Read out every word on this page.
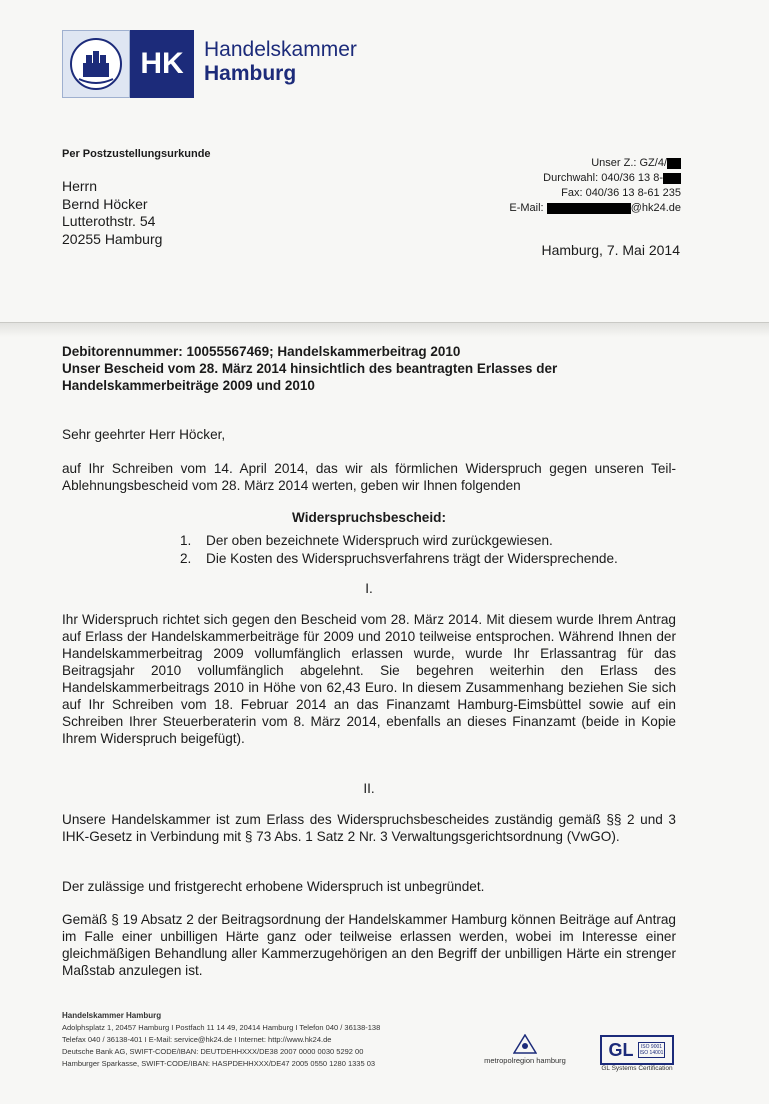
HK Handelskammer
Hamburg
Per Postzustellungsurkunde
Herrn
Bernd Höcker
Lutterothstr. 54
20255 Hamburg
Unser Z.: GZ/4/
Durchwahl: 040/36 13 8-
Fax: 040/36 13 8-61 235
E-Mail:	@hk24.de
Hamburg, 7. Mai 2014
Debitorennummer: 10055567469; Handelskammerbeitrag 2010
Unser Bescheid vom 28. März 2014 hinsichtlich des beantragten Erlasses der
Handelskammerbeiträge 2009 und 2010
Sehr geehrter Herr Höcker,
auf Ihr Schreiben vom 14. April 2014, das wir als förmlichen Widerspruch gegen unseren Teil-Ablehnungsbescheid vom 28. März 2014 werten, geben wir Ihnen folgenden
Widerspruchsbescheid:
1. Der oben bezeichnete Widerspruch wird zurückgewiesen.
2. Die Kosten des Widerspruchsverfahrens trägt der Widersprechende.
I.
Ihr Widerspruch richtet sich gegen den Bescheid vom 28. März 2014. Mit diesem wurde Ihrem Antrag auf Erlass der Handelskammerbeiträge für 2009 und 2010 teilweise entsprochen. Während Ihnen der Handelskammerbeitrag 2009 vollumfänglich erlassen wurde, wurde Ihr Erlassantrag für das Beitragsjahr 2010 vollumfänglich abgelehnt. Sie begehren weiterhin den Erlass des Handelskammerbeitrags 2010 in Höhe von 62,43 Euro. In diesem Zusammenhang beziehen Sie sich auf Ihr Schreiben vom 18. Februar 2014 an das Finanzamt Hamburg-Eimsbüttel sowie auf ein Schreiben Ihrer Steuerberaterin vom 8. März 2014, ebenfalls an dieses Finanzamt (beide in Kopie Ihrem Widerspruch beigefügt).
II.
Unsere Handelskammer ist zum Erlass des Widerspruchsbescheides zuständig gemäß §§ 2 und 3 IHK-Gesetz in Verbindung mit § 73 Abs. 1 Satz 2 Nr. 3 Verwaltungsgerichtsordnung (VwGO).
Der zulässige und fristgerecht erhobene Widerspruch ist unbegründet.
Gemäß § 19 Absatz 2 der Beitragsordnung der Handelskammer Hamburg können Beiträge auf Antrag im Falle einer unbilligen Härte ganz oder teilweise erlassen werden, wobei im Interesse einer gleichmäßigen Behandlung aller Kammerzugehörigen an den Begriff der unbilligen Härte ein strenger Maßstab anzulegen ist.
Handelskammer Hamburg
Adolphsplatz 1, 20457 Hamburg I Postfach 11 14 49, 20414 Hamburg I Telefon 040 / 36138-138
Telefax 040 / 36138-401 I E-Mail: service@hk24.de I Internet: http://www.hk24.de
Deutsche Bank AG, SWIFT-CODE/IBAN: DEUTDEHHXXX/DE38 2007 0000 0030 5292 00
Hamburger Sparkasse, SWIFT-CODE/IBAN: HASPDEHHXXX/DE47 2005 0550 1280 1335 03	metropolregion hamburg
GL	ISO 9001
ISO 14001
GL Systems Certification
